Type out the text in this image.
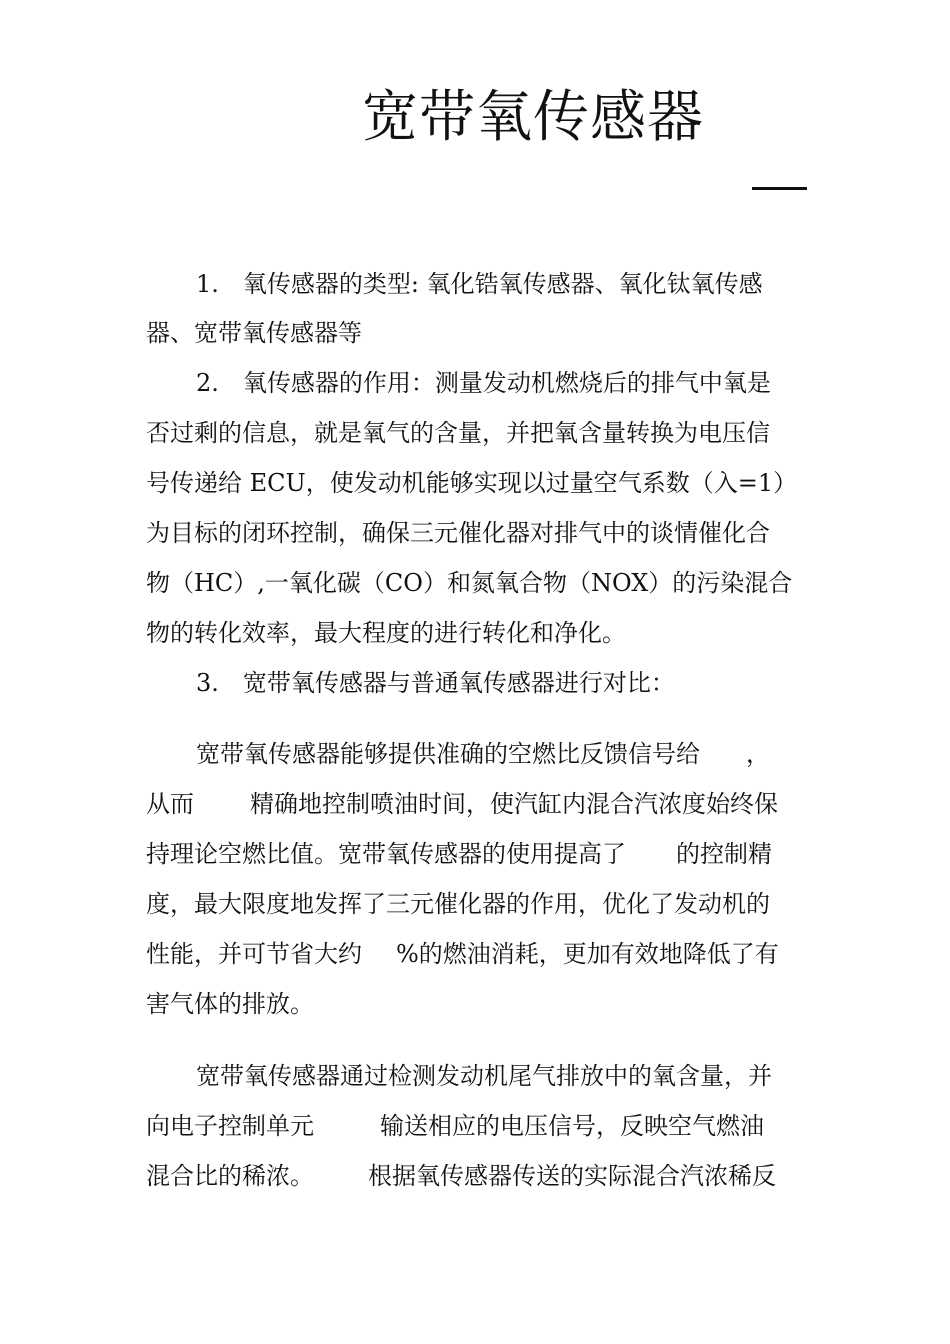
宽带氧传感器
1.　氧传感器的类型: 氧化锆氧传感器、氧化钛氧传感
器、宽带氧传感器等
2.　氧传感器的作用：测量发动机燃烧后的排气中氧是
否过剩的信息，就是氧气的含量，并把氧含量转换为电压信
号传递给 ECU，使发动机能够实现以过量空气系数（入=1）
为目标的闭环控制，确保三元催化器对排气中的谈情催化合
物（HC）,一氧化碳（CO）和氮氧合物（NOX）的污染混合
物的转化效率，最大程度的进行转化和净化。
3.　宽带氧传感器与普通氧传感器进行对比：
宽带氧传感器能够提供准确的空燃比反馈信号给 ，
从而 精确地控制喷油时间，使汽缸内混合汽浓度始终保
持理论空燃比值。宽带氧传感器的使用提高了 的控制精
度，最大限度地发挥了三元催化器的作用，优化了发动机的
性能，并可节省大约 %的燃油消耗，更加有效地降低了有
害气体的排放。
宽带氧传感器通过检测发动机尾气排放中的氧含量，并
向电子控制单元	输送相应的电压信号，反映空气燃油
混合比的稀浓。 根据氧传感器传送的实际混合汽浓稀反
